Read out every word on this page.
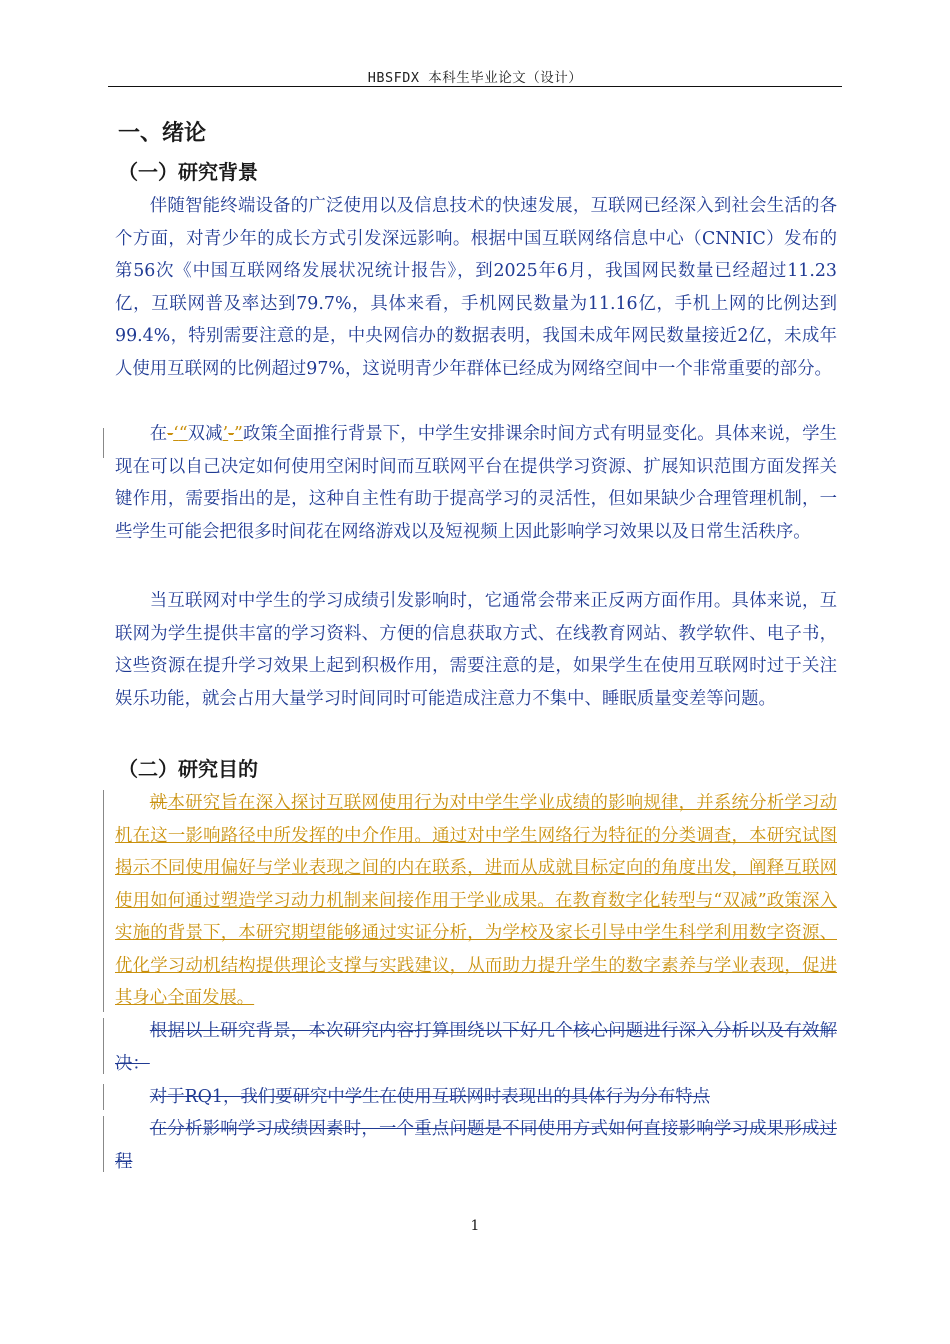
HBSFDX 本科生毕业论文（设计）
一、绪论
（一）研究背景

伴随智能终端设备的广泛使用以及信息技术的快速发展，互联网已经深入到社会生活的各个方面，对青少年的成长方式引发深远影响。根据中国互联网络信息中心（CNNIC）发布的第56次《中国互联网络发展状况统计报告》，到2025年6月，我国网民数量已经超过11.23亿，互联网普及率达到79.7%，具体来看，手机网民数量为11.16亿，手机上网的比例达到99.4%，特别需要注意的是，中央网信办的数据表明，我国未成年网民数量接近2亿，未成年人使用互联网的比例超过97%，这说明青少年群体已经成为网络空间中一个非常重要的部分。

在-‘“双减’-”政策全面推行背景下，中学生安排课余时间方式有明显变化。具体来说，学生现在可以自己决定如何使用空闲时间而互联网平台在提供学习资源、扩展知识范围方面发挥关键作用，需要指出的是，这种自主性有助于提高学习的灵活性，但如果缺少合理管理机制，一些学生可能会把很多时间花在网络游戏以及短视频上因此影响学习效果以及日常生活秩序。

当互联网对中学生的学习成绩引发影响时，它通常会带来正反两方面作用。具体来说，互联网为学生提供丰富的学习资料、方便的信息获取方式、在线教育网站、教学软件、电子书，这些资源在提升学习效果上起到积极作用，需要注意的是，如果学生在使用互联网时过于关注娱乐功能，就会占用大量学习时间同时可能造成注意力不集中、睡眠质量变差等问题。

（二）研究目的

就本研究旨在深入探讨互联网使用行为对中学生学业成绩的影响规律，并系统分析学习动机在这一影响路径中所发挥的中介作用。通过对中学生网络行为特征的分类调查，本研究试图揭示不同使用偏好与学业表现之间的内在联系，进而从成就目标定向的角度出发，阐释互联网使用如何通过塑造学习动力机制来间接作用于学业成果。在教育数字化转型与“双减”政策深入实施的背景下，本研究期望能够通过实证分析，为学校及家长引导中学生科学利用数字资源、优化学习动机结构提供理论支撑与实践建议，从而助力提升学生的数字素养与学业表现，促进其身心全面发展。

根据以上研究背景，本次研究内容打算围绕以下好几个核心问题进行深入分析以及有效解决：

对于RQ1，我们要研究中学生在使用互联网时表现出的具体行为分布特点

在分析影响学习成绩因素时，一个重点问题是不同使用方式如何直接影响学习成果形成过程

1
